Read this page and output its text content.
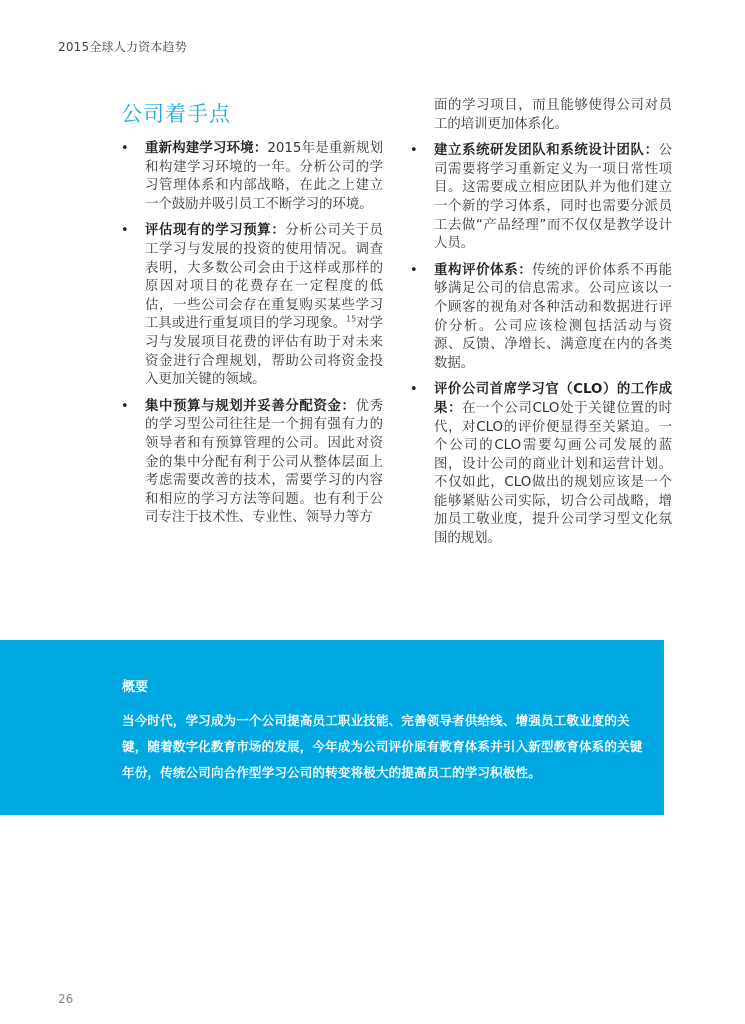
2015全球人力资本趋势
公司着手点
• 重新构建学习环境：2015年是重新规划和构建学习环境的一年。分析公司的学习管理体系和内部战略，在此之上建立一个鼓励并吸引员工不断学习的环境。
• 评估现有的学习预算：分析公司关于员工学习与发展的投资的使用情况。调查表明，大多数公司会由于这样或那样的原因对项目的花费存在一定程度的低估，一些公司会存在重复购买某些学习工具或进行重复项目的学习现象。$^{15}$对学习与发展项目花费的评估有助于对未来资金进行合理规划，帮助公司将资金投入更加关键的领域。
• 集中预算与规划并妥善分配资金：优秀的学习型公司往往是一个拥有强有力的领导者和有预算管理的公司。因此对资金的集中分配有利于公司从整体层面上考虑需要改善的技术，需要学习的内容和相应的学习方法等问题。也有利于公司专注于技术性、专业性、领导力等方
面的学习项目，而且能够使得公司对员工的培训更加体系化。
• 建立系统研发团队和系统设计团队：公司需要将学习重新定义为一项日常性项目。这需要成立相应团队并为他们建立一个新的学习体系，同时也需要分派员工去做“产品经理”而不仅仅是教学设计人员。
• 重构评价体系：传统的评价体系不再能够满足公司的信息需求。公司应该以一个顾客的视角对各种活动和数据进行评价分析。公司应该检测包括活动与资源、反馈、净增长、满意度在内的各类数据。
• 评价公司首席学习官（CLO）的工作成果：在一个公司CLO处于关键位置的时代，对CLO的评价便显得至关紧迫。一个公司的CLO需要勾画公司发展的蓝图，设计公司的商业计划和运营计划。不仅如此，CLO做出的规划应该是一个能够紧贴公司实际，切合公司战略，增加员工敬业度，提升公司学习型文化氛围的规划。
概要
当今时代，学习成为一个公司提高员工职业技能、完善领导者供给线、增强员工敬业度的关键，随着数字化教育市场的发展，今年成为公司评价原有教育体系并引入新型教育体系的关键年份，传统公司向合作型学习公司的转变将极大的提高员工的学习积极性。
26
